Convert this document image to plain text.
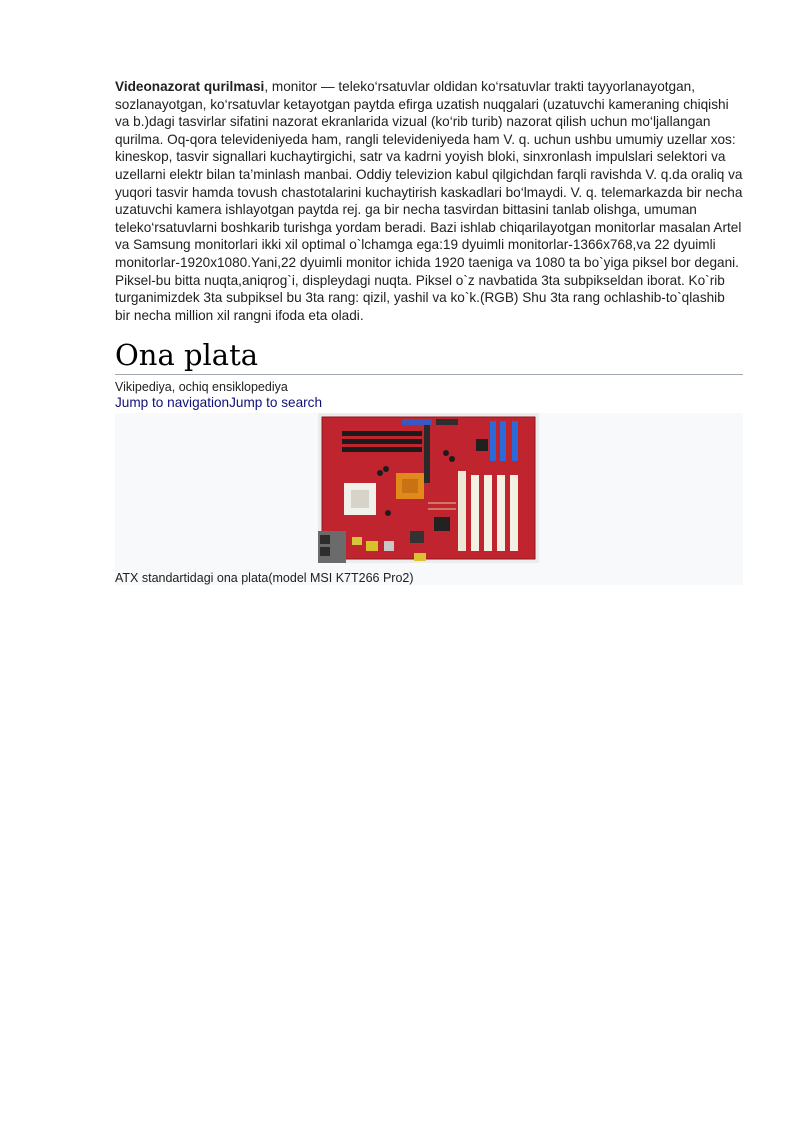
Videonazorat qurilmasi, monitor — teleko‘rsatuvlar oldidan ko‘rsatuvlar trakti tayyorlanayotgan, sozlanayotgan, ko‘rsatuvlar ketayotgan paytda efirga uzatish nuqgalari (uzatuvchi kameraning chiqishi va b.)dagi tasvirlar sifatini nazorat ekranlarida vizual (ko‘rib turib) nazorat qilish uchun mo‘ljallangan qurilma. Oq-qora televideniyeda ham, rangli televideniyeda ham V. q. uchun ushbu umumiy uzellar xos: kineskop, tasvir signallari kuchaytirgichi, satr va kadrni yoyish bloki, sinxronlash impulslari selektori va uzellarni elektr bilan ta’minlash manbai. Oddiy televizion kabul qilgichdan farqli ravishda V. q.da oraliq va yuqori tasvir hamda tovush chastotalarini kuchaytirish kaskadlari bo‘lmaydi. V. q. telemarkazda bir necha uzatuvchi kamera ishlayotgan paytda rej. ga bir necha tasvirdan bittasini tanlab olishga, umuman teleko‘rsatuvlarni boshkarib turishga yordam beradi. Bazi ishlab chiqarilayotgan monitorlar masalan Artel va Samsung monitorlari ikki xil optimal o`lchamga ega:19 dyuimli monitorlar-1366x768,va 22 dyuimli monitorlar-1920x1080.Yani,22 dyuimli monitor ichida 1920 taeniga va 1080 ta bo`yiga piksel bor degani. Piksel-bu bitta nuqta,aniqrog`i, displeydagi nuqta. Piksel o`z navbatida 3ta subpikseldan iborat. Ko`rib turganimizdek 3ta subpiksel bu 3ta rang: qizil, yashil va ko`k.(RGB) Shu 3ta rang ochlashib-to`qlashib bir necha million xil rangni ifoda eta oladi.

Ona plata

Vikipediya, ochiq ensiklopediya

Jump to navigationJump to search

ATX standartidagi ona plata(model MSI K7T266 Pro2)
